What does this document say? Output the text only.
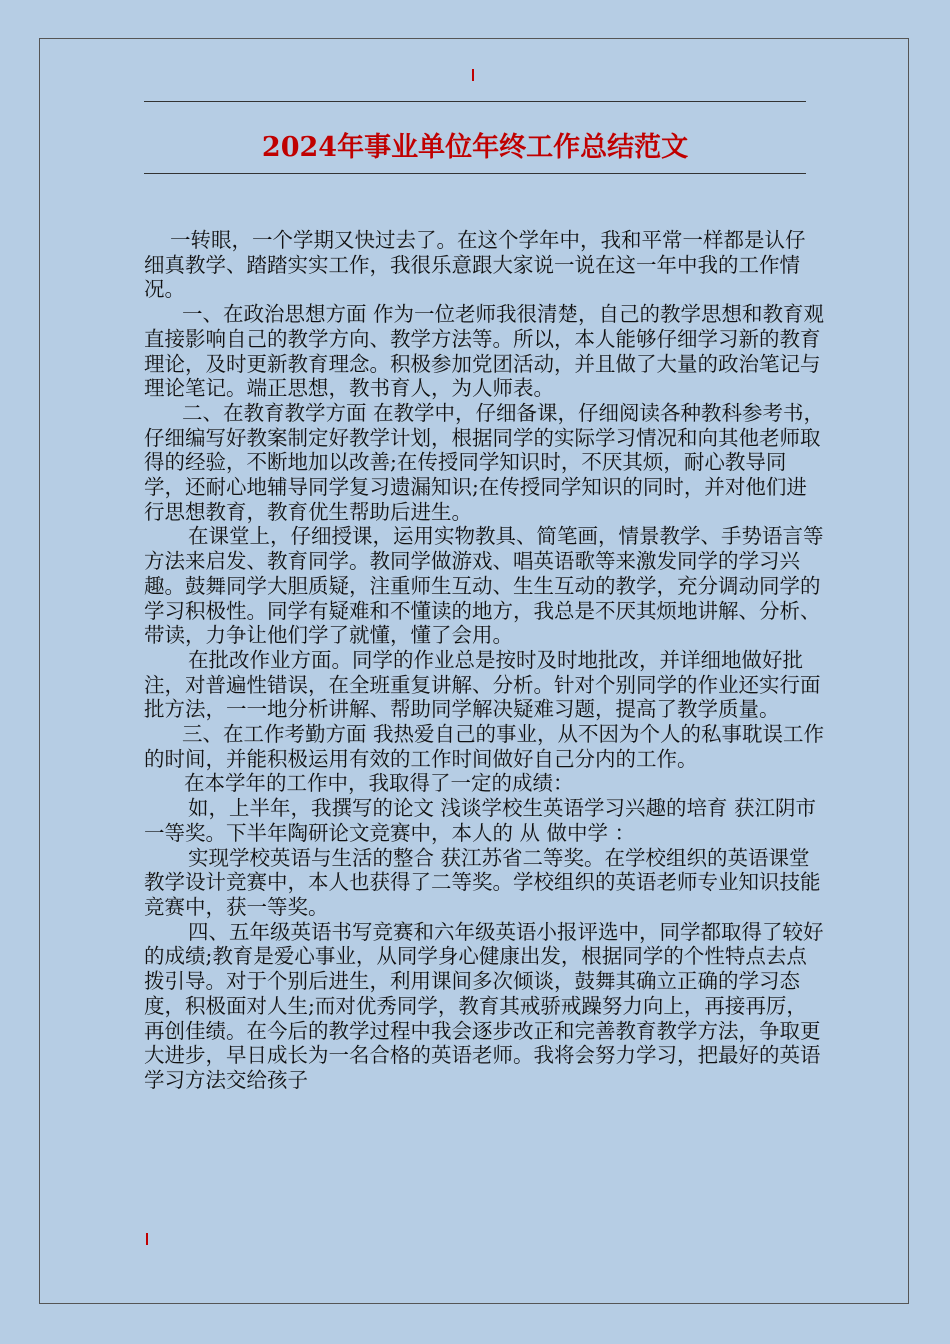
2024年事业单位年终工作总结范文

一转眼，一个学期又快过去了。在这个学年中，我和平常一样都是认仔细真教学、踏踏实实工作，我很乐意跟大家说一说在这一年中我的工作情况。

一、在政治思想方面 作为一位老师我很清楚，自己的教学思想和教育观直接影响自己的教学方向、教学方法等。所以，本人能够仔细学习新的教育理论，及时更新教育理念。积极参加党团活动，并且做了大量的政治笔记与理论笔记。端正思想，教书育人，为人师表。

二、在教育教学方面 在教学中，仔细备课，仔细阅读各种教科参考书，仔细编写好教案制定好教学计划，根据同学的实际学习情况和向其他老师取得的经验，不断地加以改善;在传授同学知识时，不厌其烦，耐心教导同学，还耐心地辅导同学复习遗漏知识;在传授同学知识的同时，并对他们进行思想教育，教育优生帮助后进生。

在课堂上，仔细授课，运用实物教具、简笔画，情景教学、手势语言等方法来启发、教育同学。教同学做游戏、唱英语歌等来激发同学的学习兴趣。鼓舞同学大胆质疑，注重师生互动、生生互动的教学，充分调动同学的学习积极性。同学有疑难和不懂读的地方，我总是不厌其烦地讲解、分析、带读，力争让他们学了就懂，懂了会用。

在批改作业方面。同学的作业总是按时及时地批改，并详细地做好批注，对普遍性错误，在全班重复讲解、分析。针对个别同学的作业还实行面批方法，一一地分析讲解、帮助同学解决疑难习题，提高了教学质量。

三、在工作考勤方面 我热爱自己的事业，从不因为个人的私事耽误工作的时间，并能积极运用有效的工作时间做好自己分内的工作。

在本学年的工作中，我取得了一定的成绩：

如，上半年，我撰写的论文 浅谈学校生英语学习兴趣的培育 获江阴市一等奖。下半年陶研论文竞赛中，本人的 从 做中学 ：

实现学校英语与生活的整合 获江苏省二等奖。在学校组织的英语课堂教学设计竞赛中，本人也获得了二等奖。学校组织的英语老师专业知识技能竞赛中，获一等奖。

四、五年级英语书写竞赛和六年级英语小报评选中，同学都取得了较好的成绩;教育是爱心事业，从同学身心健康出发，根据同学的个性特点去点拨引导。对于个别后进生，利用课间多次倾谈，鼓舞其确立正确的学习态度，积极面对人生;而对优秀同学，教育其戒骄戒躁努力向上，再接再厉，再创佳绩。在今后的教学过程中我会逐步改正和完善教育教学方法，争取更大进步，早日成长为一名合格的英语老师。我将会努力学习，把最好的英语学习方法交给孩子
